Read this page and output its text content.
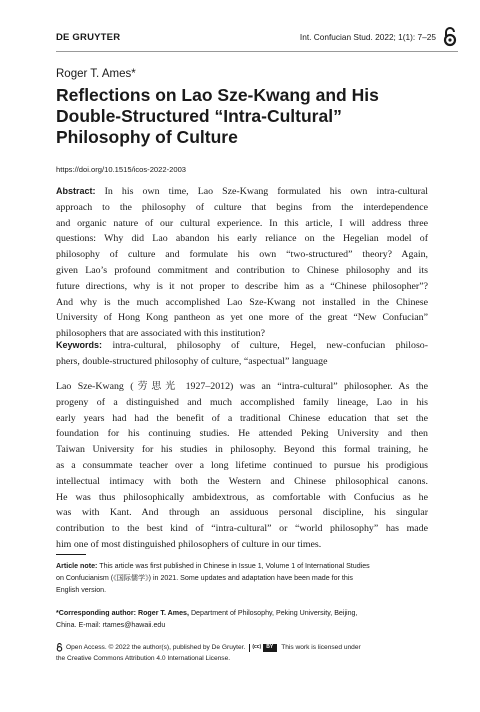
DE GRUYTER	Int. Confucian Stud. 2022; 1(1): 7–25
Roger T. Ames*
Reflections on Lao Sze-Kwang and His
Double-Structured “Intra-Cultural”
Philosophy of Culture
https://doi.org/10.1515/icos-2022-2003
Abstract: In his own time, Lao Sze-Kwang formulated his own intra-cultural
approach to the philosophy of culture that begins from the interdependence
and organic nature of our cultural experience. In this article, I will address three
questions: Why did Lao abandon his early reliance on the Hegelian model of
philosophy of culture and formulate his own “two-structured” theory? Again,
given Lao’s profound commitment and contribution to Chinese philosophy and its
future directions, why is it not proper to describe him as a “Chinese philosopher”?
And why is the much accomplished Lao Sze-Kwang not installed in the Chinese
University of Hong Kong pantheon as yet one more of the great “New Confucian”
philosophers that are associated with this institution?
Keywords: intra-cultural, philosophy of culture, Hegel, new-confucian philoso-
phers, double-structured philosophy of culture, “aspectual” language
Lao Sze-Kwang (劳思光 1927–2012) was an “intra-cultural” philosopher. As the
progeny of a distinguished and much accomplished family lineage, Lao in his
early years had had the benefit of a traditional Chinese education that set the
foundation for his continuing studies. He attended Peking University and then
Taiwan University for his studies in philosophy. Beyond this formal training, he
as a consummate teacher over a long lifetime continued to pursue his prodigious
intellectual intimacy with both the Western and Chinese philosophical canons.
He was thus philosophically ambidextrous, as comfortable with Confucius as he
was with Kant. And through an assiduous personal discipline, his singular
contribution to the best kind of “intra-cultural” or “world philosophy” has made
him one of most distinguished philosophers of culture in our times.
Article note: This article was first published in Chinese in Issue 1, Volume 1 of International Studies
on Confucianism (《国际儒学》) in 2021. Some updates and adaptation have been made for this
English version.
*Corresponding author: Roger T. Ames, Department of Philosophy, Peking University, Beijing,
China. E-mail: rtames@hawaii.edu
Open Access. © 2022 the author(s), published by De Gruyter.	(cc)	BY	This work is licensed under
the Creative Commons Attribution 4.0 International License.
